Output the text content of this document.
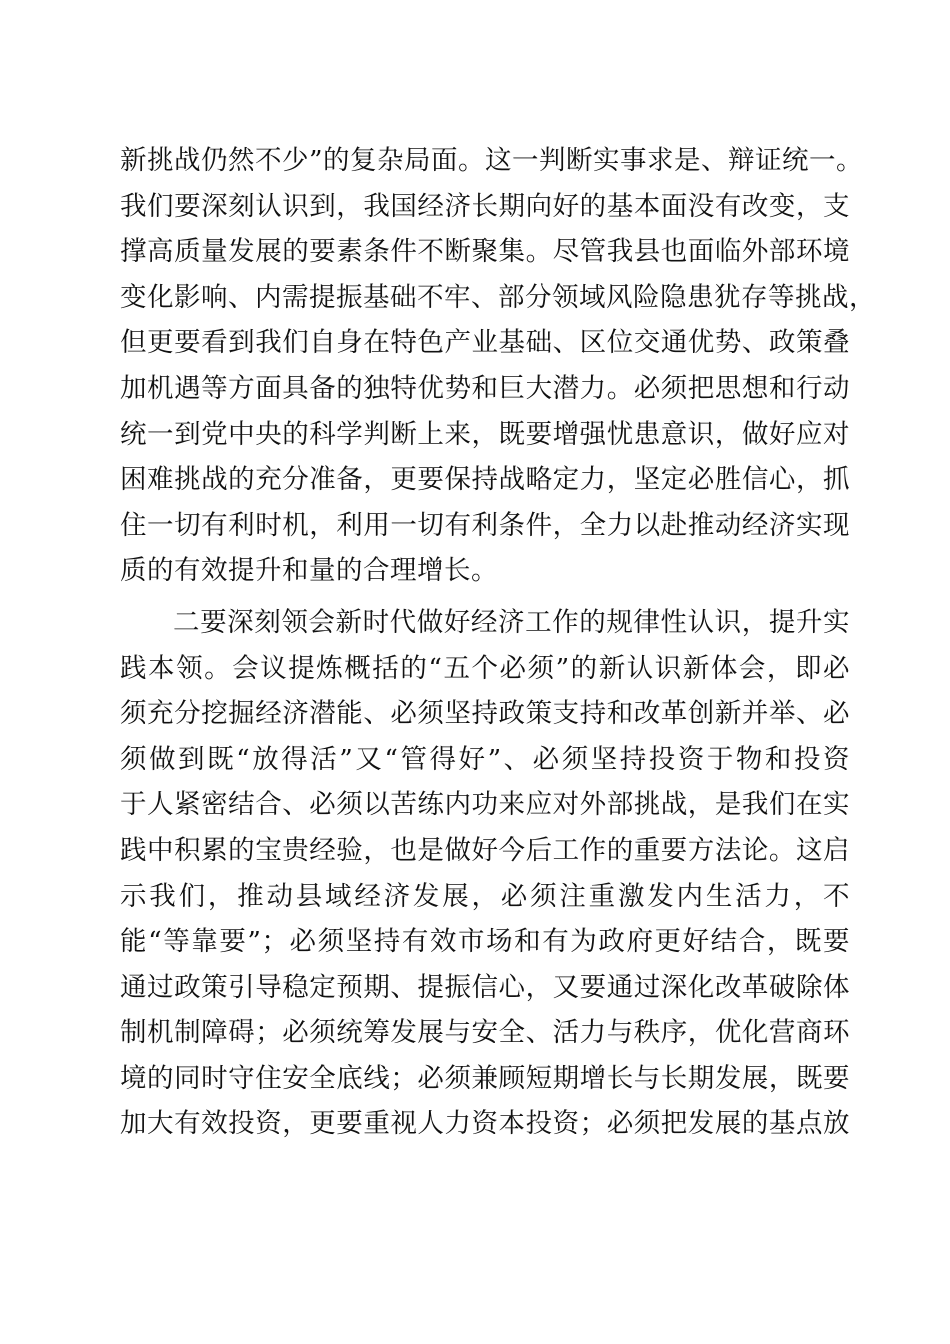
新挑战仍然不少”的复杂局面。这一判断实事求是、辩证统一。
我们要深刻认识到，我国经济长期向好的基本面没有改变，支
撑高质量发展的要素条件不断聚集。尽管我县也面临外部环境
变化影响、内需提振基础不牢、部分领域风险隐患犹存等挑战，
但更要看到我们自身在特色产业基础、区位交通优势、政策叠
加机遇等方面具备的独特优势和巨大潜力。必须把思想和行动
统一到党中央的科学判断上来，既要增强忧患意识，做好应对
困难挑战的充分准备，更要保持战略定力，坚定必胜信心，抓
住一切有利时机，利用一切有利条件，全力以赴推动经济实现
质的有效提升和量的合理增长。
二要深刻领会新时代做好经济工作的规律性认识，提升实
践本领。会议提炼概括的“五个必须”的新认识新体会，即必
须充分挖掘经济潜能、必须坚持政策支持和改革创新并举、必
须做到既“放得活”又“管得好”、必须坚持投资于物和投资
于人紧密结合、必须以苦练内功来应对外部挑战，是我们在实
践中积累的宝贵经验，也是做好今后工作的重要方法论。这启
示我们，推动县域经济发展，必须注重激发内生活力，不
能“等靠要”；必须坚持有效市场和有为政府更好结合，既要
通过政策引导稳定预期、提振信心，又要通过深化改革破除体
制机制障碍；必须统筹发展与安全、活力与秩序，优化营商环
境的同时守住安全底线；必须兼顾短期增长与长期发展，既要
加大有效投资，更要重视人力资本投资；必须把发展的基点放
